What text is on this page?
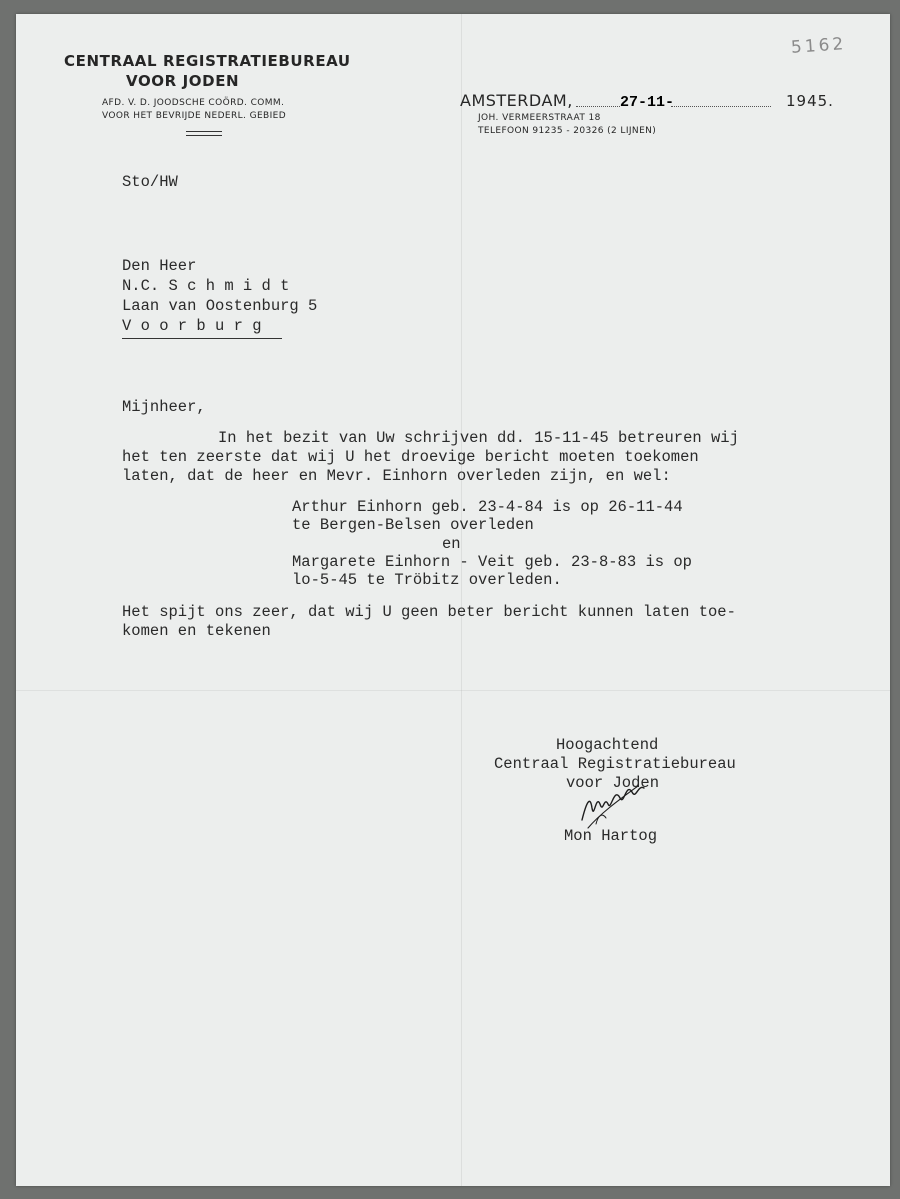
CENTRAAL REGISTRATIEBUREAU
VOOR JODEN
AFD. V. D. JOODSCHE COÖRD. COMM.
VOOR HET BEVRIJDE NEDERL. GEBIED
AMSTERDAM,	27-11-	1945.
JOH. VERMEERSTRAAT 18
TELEFOON 91235 - 20326 (2 LIJNEN)
5162
Sto/HW
Den Heer
N.C. S c h m i d t
Laan van Oostenburg 5
V o o r b u r g
Mijnheer,
In het bezit van Uw schrijven dd. 15-11-45 betreuren wij
het ten zeerste dat wij U het droevige bericht moeten toekomen
laten, dat de heer en Mevr. Einhorn overleden zijn, en wel:
Arthur Einhorn geb. 23-4-84 is op 26-11-44
te Bergen-Belsen overleden
en
Margarete Einhorn - Veit geb. 23-8-83 is op
lo-5-45 te Tröbitz overleden.
Het spijt ons zeer, dat wij U geen beter bericht kunnen laten toe-
komen en tekenen
Hoogachtend
Centraal Registratiebureau
voor Joden
Mon Hartog
